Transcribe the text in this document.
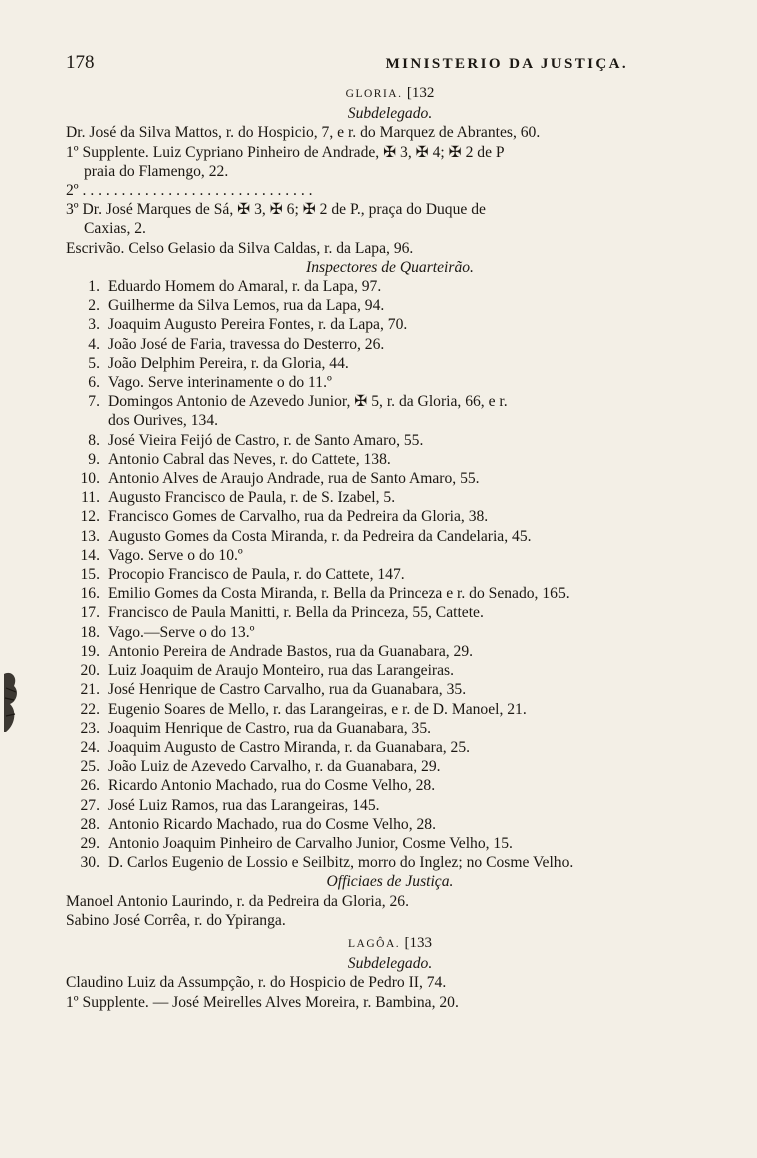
178	MINISTERIO DA JUSTIÇA.
GLORIA. [132
Subdelegado.
Dr. José da Silva Mattos, r. do Hospicio, 7, e r. do Marquez de Abrantes, 60.
1º Supplente. Luiz Cypriano Pinheiro de Andrade, ✠ 3, ✠ 4; ✠ 2 de P
praia do Flamengo, 22.
2º . . . . . . . . . . . . . . . . . . . . . . . . . . . . . .
3º Dr. José Marques de Sá, ✠ 3, ✠ 6; ✠ 2 de P., praça do Duque de
Caxias, 2.
Escrivão. Celso Gelasio da Silva Caldas, r. da Lapa, 96.
Inspectores de Quarteirão.
1. Eduardo Homem do Amaral, r. da Lapa, 97.
2. Guilherme da Silva Lemos, rua da Lapa, 94.
3. Joaquim Augusto Pereira Fontes, r. da Lapa, 70.
4. João José de Faria, travessa do Desterro, 26.
5. João Delphim Pereira, r. da Gloria, 44.
6. Vago. Serve interinamente o do 11.º
7. Domingos Antonio de Azevedo Junior, ✠ 5, r. da Gloria, 66, e r.
dos Ourives, 134.
8. José Vieira Feijó de Castro, r. de Santo Amaro, 55.
9. Antonio Cabral das Neves, r. do Cattete, 138.
10. Antonio Alves de Araujo Andrade, rua de Santo Amaro, 55.
11. Augusto Francisco de Paula, r. de S. Izabel, 5.
12. Francisco Gomes de Carvalho, rua da Pedreira da Gloria, 38.
13. Augusto Gomes da Costa Miranda, r. da Pedreira da Candelaria, 45.
14. Vago. Serve o do 10.º
15. Procopio Francisco de Paula, r. do Cattete, 147.
16. Emilio Gomes da Costa Miranda, r. Bella da Princeza e r. do Senado, 165.
17. Francisco de Paula Manitti, r. Bella da Princeza, 55, Cattete.
18. Vago.—Serve o do 13.º
19. Antonio Pereira de Andrade Bastos, rua da Guanabara, 29.
20. Luiz Joaquim de Araujo Monteiro, rua das Larangeiras.
21. José Henrique de Castro Carvalho, rua da Guanabara, 35.
22. Eugenio Soares de Mello, r. das Larangeiras, e r. de D. Manoel, 21.
23. Joaquim Henrique de Castro, rua da Guanabara, 35.
24. Joaquim Augusto de Castro Miranda, r. da Guanabara, 25.
25. João Luiz de Azevedo Carvalho, r. da Guanabara, 29.
26. Ricardo Antonio Machado, rua do Cosme Velho, 28.
27. José Luiz Ramos, rua das Larangeiras, 145.
28. Antonio Ricardo Machado, rua do Cosme Velho, 28.
29. Antonio Joaquim Pinheiro de Carvalho Junior, Cosme Velho, 15.
30. D. Carlos Eugenio de Lossio e Seilbitz, morro do Inglez; no Cosme Velho.
Officiaes de Justiça.
Manoel Antonio Laurindo, r. da Pedreira da Gloria, 26.
Sabino José Corrêa, r. do Ypiranga.
LAGÔA. [133
Subdelegado.
Claudino Luiz da Assumpção, r. do Hospicio de Pedro II, 74.
1º Supplente. — José Meirelles Alves Moreira, r. Bambina, 20.
